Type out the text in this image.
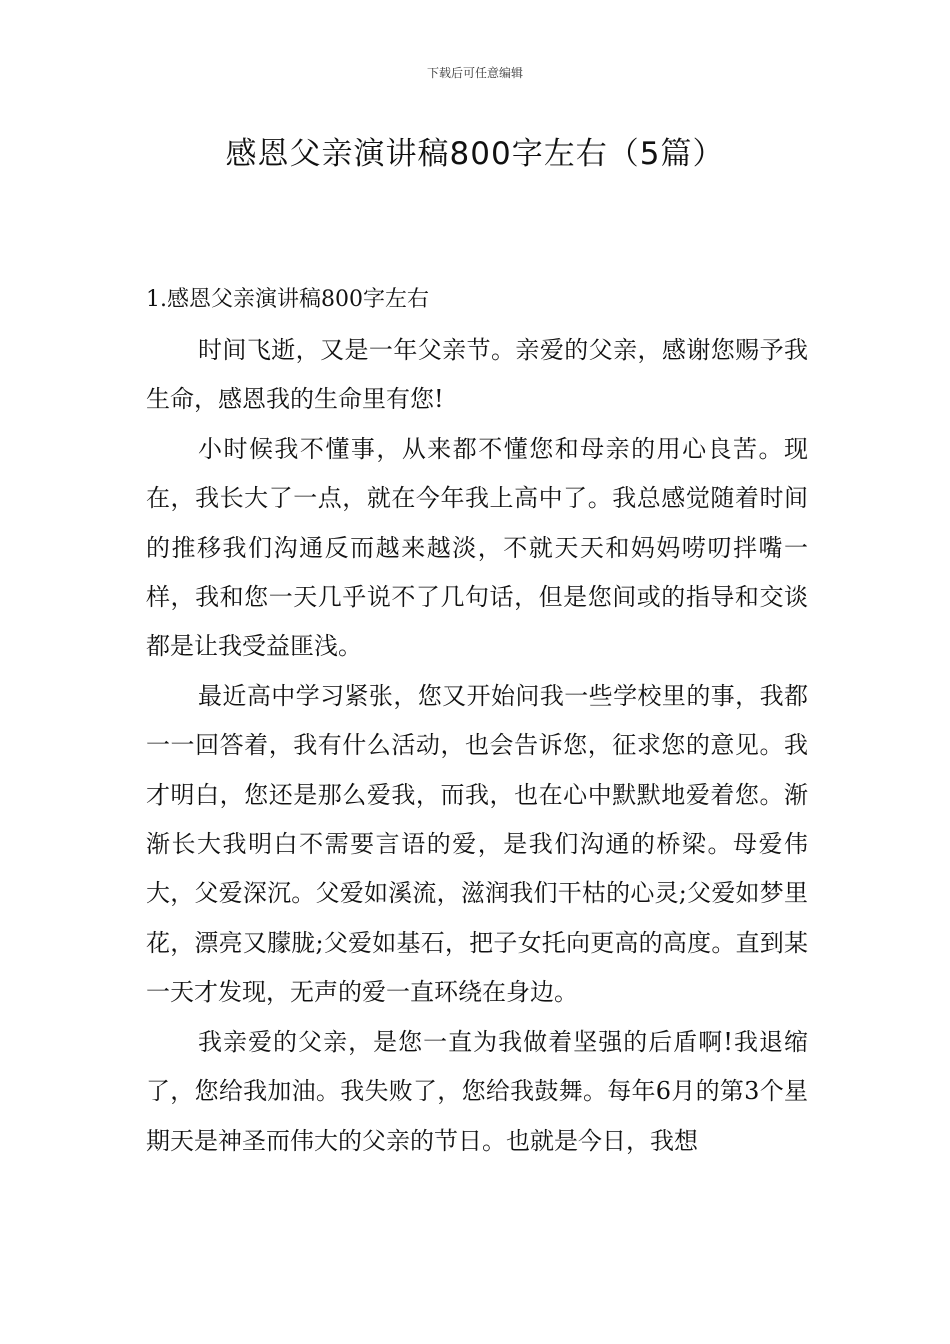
下载后可任意编辑
感恩父亲演讲稿800字左右（5篇）
1.感恩父亲演讲稿800字左右

时间飞逝，又是一年父亲节。亲爱的父亲，感谢您赐予我生命，感恩我的生命里有您!

小时候我不懂事，从来都不懂您和母亲的用心良苦。现在，我长大了一点，就在今年我上高中了。我总感觉随着时间的推移我们沟通反而越来越淡，不就天天和妈妈唠叨拌嘴一样，我和您一天几乎说不了几句话，但是您间或的指导和交谈都是让我受益匪浅。

最近高中学习紧张，您又开始问我一些学校里的事，我都一一回答着，我有什么活动，也会告诉您，征求您的意见。我才明白，您还是那么爱我，而我，也在心中默默地爱着您。渐渐长大我明白不需要言语的爱，是我们沟通的桥梁。母爱伟大，父爱深沉。父爱如溪流，滋润我们干枯的心灵;父爱如梦里花，漂亮又朦胧;父爱如基石，把子女托向更高的高度。直到某一天才发现，无声的爱一直环绕在身边。

我亲爱的父亲，是您一直为我做着坚强的后盾啊!我退缩了，您给我加油。我失败了，您给我鼓舞。每年6月的第3个星期天是神圣而伟大的父亲的节日。也就是今日，我想
